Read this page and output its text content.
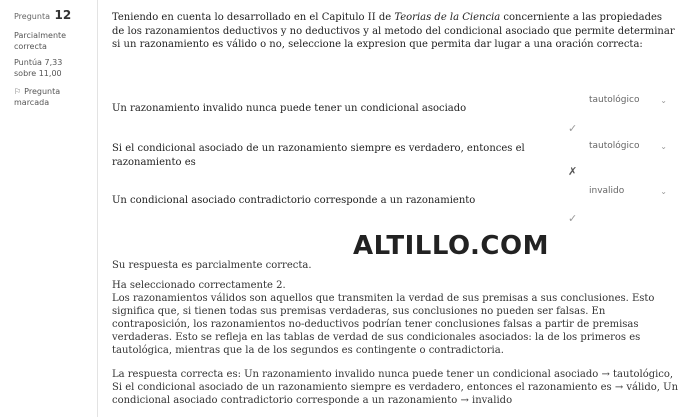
Pregunta 12
Parcialmente correcta
Puntúa 7,33 sobre 11,00
⚐ Pregunta marcada
Teniendo en cuenta lo desarrollado en el Capitulo II de Teorias de la Ciencia concerniente a las propiedades de los razonamientos deductivos y no deductivos y al metodo del condicional asociado que permite determinar si un razonamiento es válido o no, seleccione la expresion que permita dar lugar a una oración correcta:
Un razonamiento invalido nunca puede tener un condicional asociado
tautológico	⌄
✓
Si el condicional asociado de un razonamiento siempre es verdadero, entonces el razonamiento es
tautológico	⌄
✗
Un condicional asociado contradictorio corresponde a un razonamiento
invalido	⌄
✓
ALTILLO.COM

Su respuesta es parcialmente correcta.

Ha seleccionado correctamente 2.

Los razonamientos válidos son aquellos que transmiten la verdad de sus premisas a sus conclusiones. Esto significa que, si tienen todas sus premisas verdaderas, sus conclusiones no pueden ser falsas. En contraposición, los razonamientos no-deductivos podrían tener conclusiones falsas a partir de premisas verdaderas. Esto se refleja en las tablas de verdad de sus condicionales asociados: la de los primeros es tautológica, mientras que la de los segundos es contingente o contradictoria.

La respuesta correcta es: Un razonamiento invalido nunca puede tener un condicional asociado → tautológico, Si el condicional asociado de un razonamiento siempre es verdadero, entonces el razonamiento es → válido, Un condicional asociado contradictorio corresponde a un razonamiento → invalido
